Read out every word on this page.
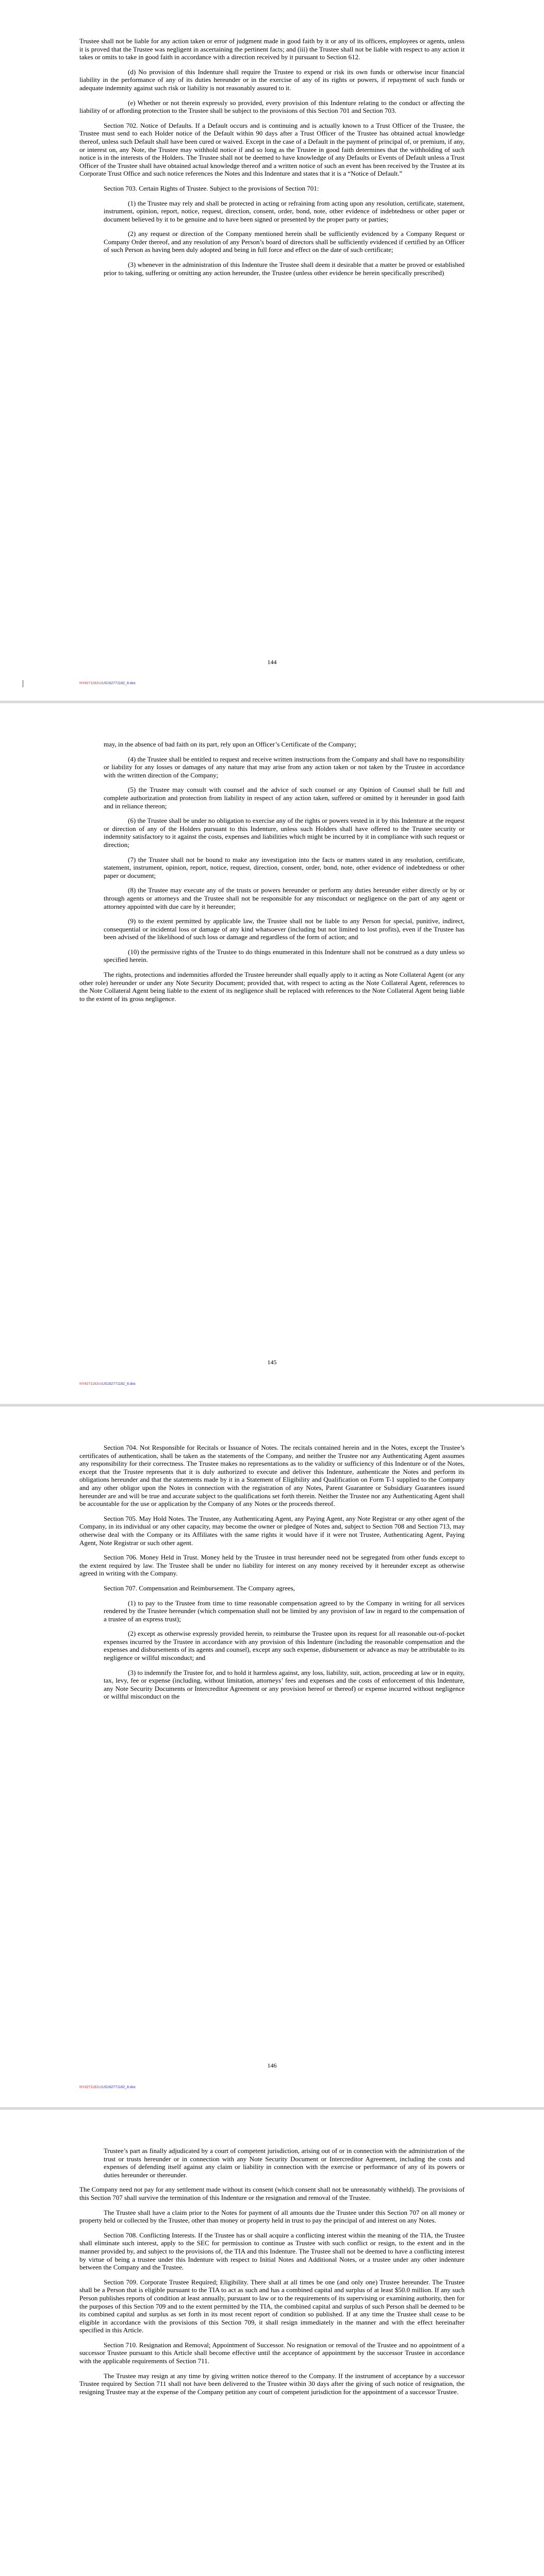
Trustee shall not be liable for any action taken or error of judgment made in good faith by it or any of its officers, employees or agents, unless it is proved that the Trustee was negligent in ascertaining the pertinent facts; and (iii) the Trustee shall not be liable with respect to any action it takes or omits to take in good faith in accordance with a direction received by it pursuant to Section 612.

(d) No provision of this Indenture shall require the Trustee to expend or risk its own funds or otherwise incur financial liability in the performance of any of its duties hereunder or in the exercise of any of its rights or powers, if repayment of such funds or adequate indemnity against such risk or liability is not reasonably assured to it.

(e) Whether or not therein expressly so provided, every provision of this Indenture relating to the conduct or affecting the liability of or affording protection to the Trustee shall be subject to the provisions of this Section 701 and Section 703.

Section 702. Notice of Defaults. If a Default occurs and is continuing and is actually known to a Trust Officer of the Trustee, the Trustee must send to each Holder notice of the Default within 90 days after a Trust Officer of the Trustee has obtained actual knowledge thereof, unless such Default shall have been cured or waived. Except in the case of a Default in the payment of principal of, or premium, if any, or interest on, any Note, the Trustee may withhold notice if and so long as the Trustee in good faith determines that the withholding of such notice is in the interests of the Holders. The Trustee shall not be deemed to have knowledge of any Defaults or Events of Default unless a Trust Officer of the Trustee shall have obtained actual knowledge thereof and a written notice of such an event has been received by the Trustee at its Corporate Trust Office and such notice references the Notes and this Indenture and states that it is a “Notice of Default.”

Section 703. Certain Rights of Trustee. Subject to the provisions of Section 701:

(1) the Trustee may rely and shall be protected in acting or refraining from acting upon any resolution, certificate, statement, instrument, opinion, report, notice, request, direction, consent, order, bond, note, other evidence of indebtedness or other paper or document believed by it to be genuine and to have been signed or presented by the proper party or parties;

(2) any request or direction of the Company mentioned herein shall be sufficiently evidenced by a Company Request or Company Order thereof, and any resolution of any Person’s board of directors shall be sufficiently evidenced if certified by an Officer of such Person as having been duly adopted and being in full force and effect on the date of such certificate;

(3) whenever in the administration of this Indenture the Trustee shall deem it desirable that a matter be proved or established prior to taking, suffering or omitting any action hereunder, the Trustee (unless other evidence be herein specifically prescribed)

144
NY#271182v1US162771182_8.doc

may, in the absence of bad faith on its part, rely upon an Officer’s Certificate of the Company;

(4) the Trustee shall be entitled to request and receive written instructions from the Company and shall have no responsibility or liability for any losses or damages of any nature that may arise from any action taken or not taken by the Trustee in accordance with the written direction of the Company;

(5) the Trustee may consult with counsel and the advice of such counsel or any Opinion of Counsel shall be full and complete authorization and protection from liability in respect of any action taken, suffered or omitted by it hereunder in good faith and in reliance thereon;

(6) the Trustee shall be under no obligation to exercise any of the rights or powers vested in it by this Indenture at the request or direction of any of the Holders pursuant to this Indenture, unless such Holders shall have offered to the Trustee security or indemnity satisfactory to it against the costs, expenses and liabilities which might be incurred by it in compliance with such request or direction;

(7) the Trustee shall not be bound to make any investigation into the facts or matters stated in any resolution, certificate, statement, instrument, opinion, report, notice, request, direction, consent, order, bond, note, other evidence of indebtedness or other paper or document;

(8) the Trustee may execute any of the trusts or powers hereunder or perform any duties hereunder either directly or by or through agents or attorneys and the Trustee shall not be responsible for any misconduct or negligence on the part of any agent or attorney appointed with due care by it hereunder;

(9) to the extent permitted by applicable law, the Trustee shall not be liable to any Person for special, punitive, indirect, consequential or incidental loss or damage of any kind whatsoever (including but not limited to lost profits), even if the Trustee has been advised of the likelihood of such loss or damage and regardless of the form of action; and

(10) the permissive rights of the Trustee to do things enumerated in this Indenture shall not be construed as a duty unless so specified herein.

The rights, protections and indemnities afforded the Trustee hereunder shall equally apply to it acting as Note Collateral Agent (or any other role) hereunder or under any Note Security Document; provided that, with respect to acting as the Note Collateral Agent, references to the Note Collateral Agent being liable to the extent of its negligence shall be replaced with references to the Note Collateral Agent being liable to the extent of its gross negligence.

145
NY#271182v1US162771182_8.doc

Section 704. Not Responsible for Recitals or Issuance of Notes. The recitals contained herein and in the Notes, except the Trustee’s certificates of authentication, shall be taken as the statements of the Company, and neither the Trustee nor any Authenticating Agent assumes any responsibility for their correctness. The Trustee makes no representations as to the validity or sufficiency of this Indenture or of the Notes, except that the Trustee represents that it is duly authorized to execute and deliver this Indenture, authenticate the Notes and perform its obligations hereunder and that the statements made by it in a Statement of Eligibility and Qualification on Form T-1 supplied to the Company and any other obligor upon the Notes in connection with the registration of any Notes, Parent Guarantee or Subsidiary Guarantees issued hereunder are and will be true and accurate subject to the qualifications set forth therein. Neither the Trustee nor any Authenticating Agent shall be accountable for the use or application by the Company of any Notes or the proceeds thereof.

Section 705. May Hold Notes. The Trustee, any Authenticating Agent, any Paying Agent, any Note Registrar or any other agent of the Company, in its individual or any other capacity, may become the owner or pledgee of Notes and, subject to Section 708 and Section 713, may otherwise deal with the Company or its Affiliates with the same rights it would have if it were not Trustee, Authenticating Agent, Paying Agent, Note Registrar or such other agent.

Section 706. Money Held in Trust. Money held by the Trustee in trust hereunder need not be segregated from other funds except to the extent required by law. The Trustee shall be under no liability for interest on any money received by it hereunder except as otherwise agreed in writing with the Company.

Section 707. Compensation and Reimbursement. The Company agrees,

(1) to pay to the Trustee from time to time reasonable compensation agreed to by the Company in writing for all services rendered by the Trustee hereunder (which compensation shall not be limited by any provision of law in regard to the compensation of a trustee of an express trust);

(2) except as otherwise expressly provided herein, to reimburse the Trustee upon its request for all reasonable out-of-pocket expenses incurred by the Trustee in accordance with any provision of this Indenture (including the reasonable compensation and the expenses and disbursements of its agents and counsel), except any such expense, disbursement or advance as may be attributable to its negligence or willful misconduct; and

(3) to indemnify the Trustee for, and to hold it harmless against, any loss, liability, suit, action, proceeding at law or in equity, tax, levy, fee or expense (including, without limitation, attorneys’ fees and expenses and the costs of enforcement of this Indenture, any Note Security Documents or Intercreditor Agreement or any provision hereof or thereof) or expense incurred without negligence or willful misconduct on the

146
NY#271182v1US162771182_8.doc

Trustee’s part as finally adjudicated by a court of competent jurisdiction, arising out of or in connection with the administration of the trust or trusts hereunder or in connection with any Note Security Document or Intercreditor Agreement, including the costs and expenses of defending itself against any claim or liability in connection with the exercise or performance of any of its powers or duties hereunder or thereunder.

The Company need not pay for any settlement made without its consent (which consent shall not be unreasonably withheld). The provisions of this Section 707 shall survive the termination of this Indenture or the resignation and removal of the Trustee.

The Trustee shall have a claim prior to the Notes for payment of all amounts due the Trustee under this Section 707 on all money or property held or collected by the Trustee, other than money or property held in trust to pay the principal of and interest on any Notes.

Section 708. Conflicting Interests. If the Trustee has or shall acquire a conflicting interest within the meaning of the TIA, the Trustee shall eliminate such interest, apply to the SEC for permission to continue as Trustee with such conflict or resign, to the extent and in the manner provided by, and subject to the provisions of, the TIA and this Indenture. The Trustee shall not be deemed to have a conflicting interest by virtue of being a trustee under this Indenture with respect to Initial Notes and Additional Notes, or a trustee under any other indenture between the Company and the Trustee.

Section 709. Corporate Trustee Required; Eligibility. There shall at all times be one (and only one) Trustee hereunder. The Trustee shall be a Person that is eligible pursuant to the TIA to act as such and has a combined capital and surplus of at least $50.0 million. If any such Person publishes reports of condition at least annually, pursuant to law or to the requirements of its supervising or examining authority, then for the purposes of this Section 709 and to the extent permitted by the TIA, the combined capital and surplus of such Person shall be deemed to be its combined capital and surplus as set forth in its most recent report of condition so published. If at any time the Trustee shall cease to be eligible in accordance with the provisions of this Section 709, it shall resign immediately in the manner and with the effect hereinafter specified in this Article.

Section 710. Resignation and Removal; Appointment of Successor. No resignation or removal of the Trustee and no appointment of a successor Trustee pursuant to this Article shall become effective until the acceptance of appointment by the successor Trustee in accordance with the applicable requirements of Section 711.

The Trustee may resign at any time by giving written notice thereof to the Company. If the instrument of acceptance by a successor Trustee required by Section 711 shall not have been delivered to the Trustee within 30 days after the giving of such notice of resignation, the resigning Trustee may at the expense of the Company petition any court of competent jurisdiction for the appointment of a successor Trustee.
